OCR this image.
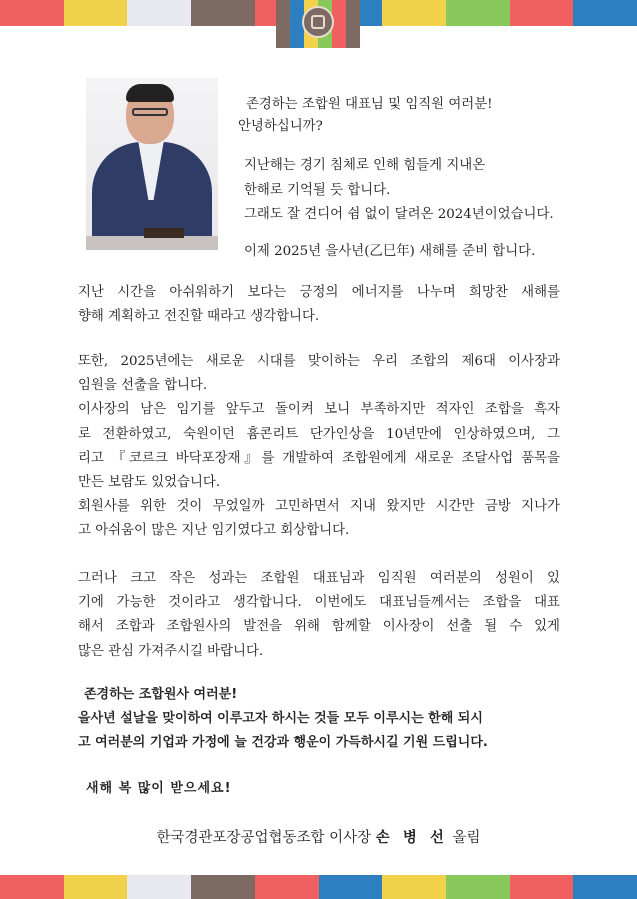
존경하는 조합원 대표님 및 임직원 여러분!
안녕하십니까?
지난해는 경기 침체로 인해 힘들게 지내온
한해로 기억될 듯 합니다.
그래도 잘 견디어 쉼 없이 달려온 2024년이었습니다.
이제 2025년 을사년(乙巳年) 새해를 준비 합니다.
지난 시간을 아쉬워하기 보다는 긍정의 에너지를 나누며 희망찬 새해를
향해 계획하고 전진할 때라고 생각합니다.
또한, 2025년에는 새로운 시대를 맞이하는 우리 조합의 제6대 이사장과
임원을 선출을 합니다.
이사장의 남은 임기를 앞두고 돌이켜 보니 부족하지만 적자인 조합을 흑자
로 전환하였고, 숙원이던 흄콘리트 단가인상을 10년만에 인상하였으며, 그
리고 『코르크 바닥포장재』를 개발하여 조합원에게 새로운 조달사업 품목을
만든 보람도 있었습니다.
회원사를 위한 것이 무었일까 고민하면서 지내 왔지만 시간만 금방 지나가
고 아쉬움이 많은 지난 임기였다고 회상합니다.
그러나 크고 작은 성과는 조합원 대표님과 임직원 여러분의 성원이 있
기에 가능한 것이라고 생각합니다. 이번에도 대표님들께서는 조합을 대표
해서 조합과 조합원사의 발전을 위해 함께할 이사장이 선출 될 수 있게
많은 관심 가져주시길 바랍니다.
존경하는 조합원사 여러분!
을사년 설날을 맞이하여 이루고자 하시는 것들 모두 이루시는 한해 되시
고 여러분의 기업과 가정에 늘 건강과 행운이 가득하시길 기원 드립니다.
새해 복 많이 받으세요!
한국경관포장공업협동조합 이사장 손 병 선 올림
